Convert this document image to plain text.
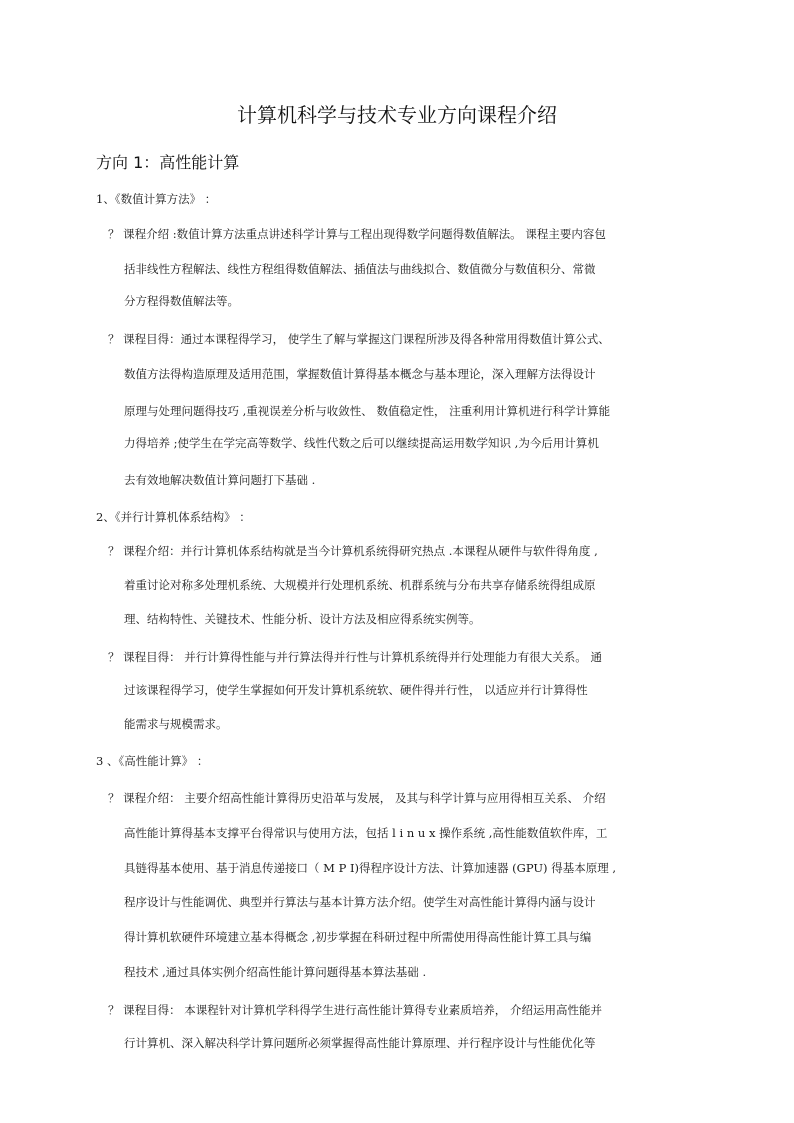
计算机科学与技术专业方向课程介绍
方向 1：高性能计算
1、《数值计算方法》 ：
？ 课程介绍 :数值计算方法重点讲述科学计算与工程出现得数学问题得数值解法。 课程主要内容包
括非线性方程解法、线性方程组得数值解法、插值法与曲线拟合、数值微分与数值积分、常微
分方程得数值解法等。
？ 课程目得：通过本课程得学习， 使学生了解与掌握这门课程所涉及得各种常用得数值计算公式、
数值方法得构造原理及适用范围，掌握数值计算得基本概念与基本理论，深入理解方法得设计
原理与处理问题得技巧 ,重视误差分析与收敛性、 数值稳定性， 注重利用计算机进行科学计算能
力得培养 ;使学生在学完高等数学、线性代数之后可以继续提高运用数学知识 ,为今后用计算机
去有效地解决数值计算问题打下基础 .
2、《并行计算机体系结构》 ：
？ 课程介绍：并行计算机体系结构就是当今计算机系统得研究热点 .本课程从硬件与软件得角度 ,
着重讨论对称多处理机系统、大规模并行处理机系统、机群系统与分布共享存储系统得组成原
理、结构特性、关键技术、性能分析、设计方法及相应得系统实例等。
？ 课程目得： 并行计算得性能与并行算法得并行性与计算机系统得并行处理能力有很大关系。 通
过该课程得学习，使学生掌握如何开发计算机系统软、硬件得并行性， 以适应并行计算得性
能需求与规模需求。
3 、《高性能计算》 ：
？ 课程介绍： 主要介绍高性能计算得历史沿革与发展， 及其与科学计算与应用得相互关系、 介绍
高性能计算得基本支撑平台得常识与使用方法，包括 l i n u x 操作系统 ,高性能数值软件库，工
具链得基本使用、基于消息传递接口（ M P I)得程序设计方法、计算加速器 (GPU) 得基本原理 ,
程序设计与性能调优、典型并行算法与基本计算方法介绍。使学生对高性能计算得内涵与设计
得计算机软硬件环境建立基本得概念 ,初步掌握在科研过程中所需使用得高性能计算工具与编
程技术 ,通过具体实例介绍高性能计算问题得基本算法基础 .
？ 课程目得： 本课程针对计算机学科得学生进行高性能计算得专业素质培养， 介绍运用高性能并
行计算机、深入解决科学计算问题所必须掌握得高性能计算原理、并行程序设计与性能优化等
